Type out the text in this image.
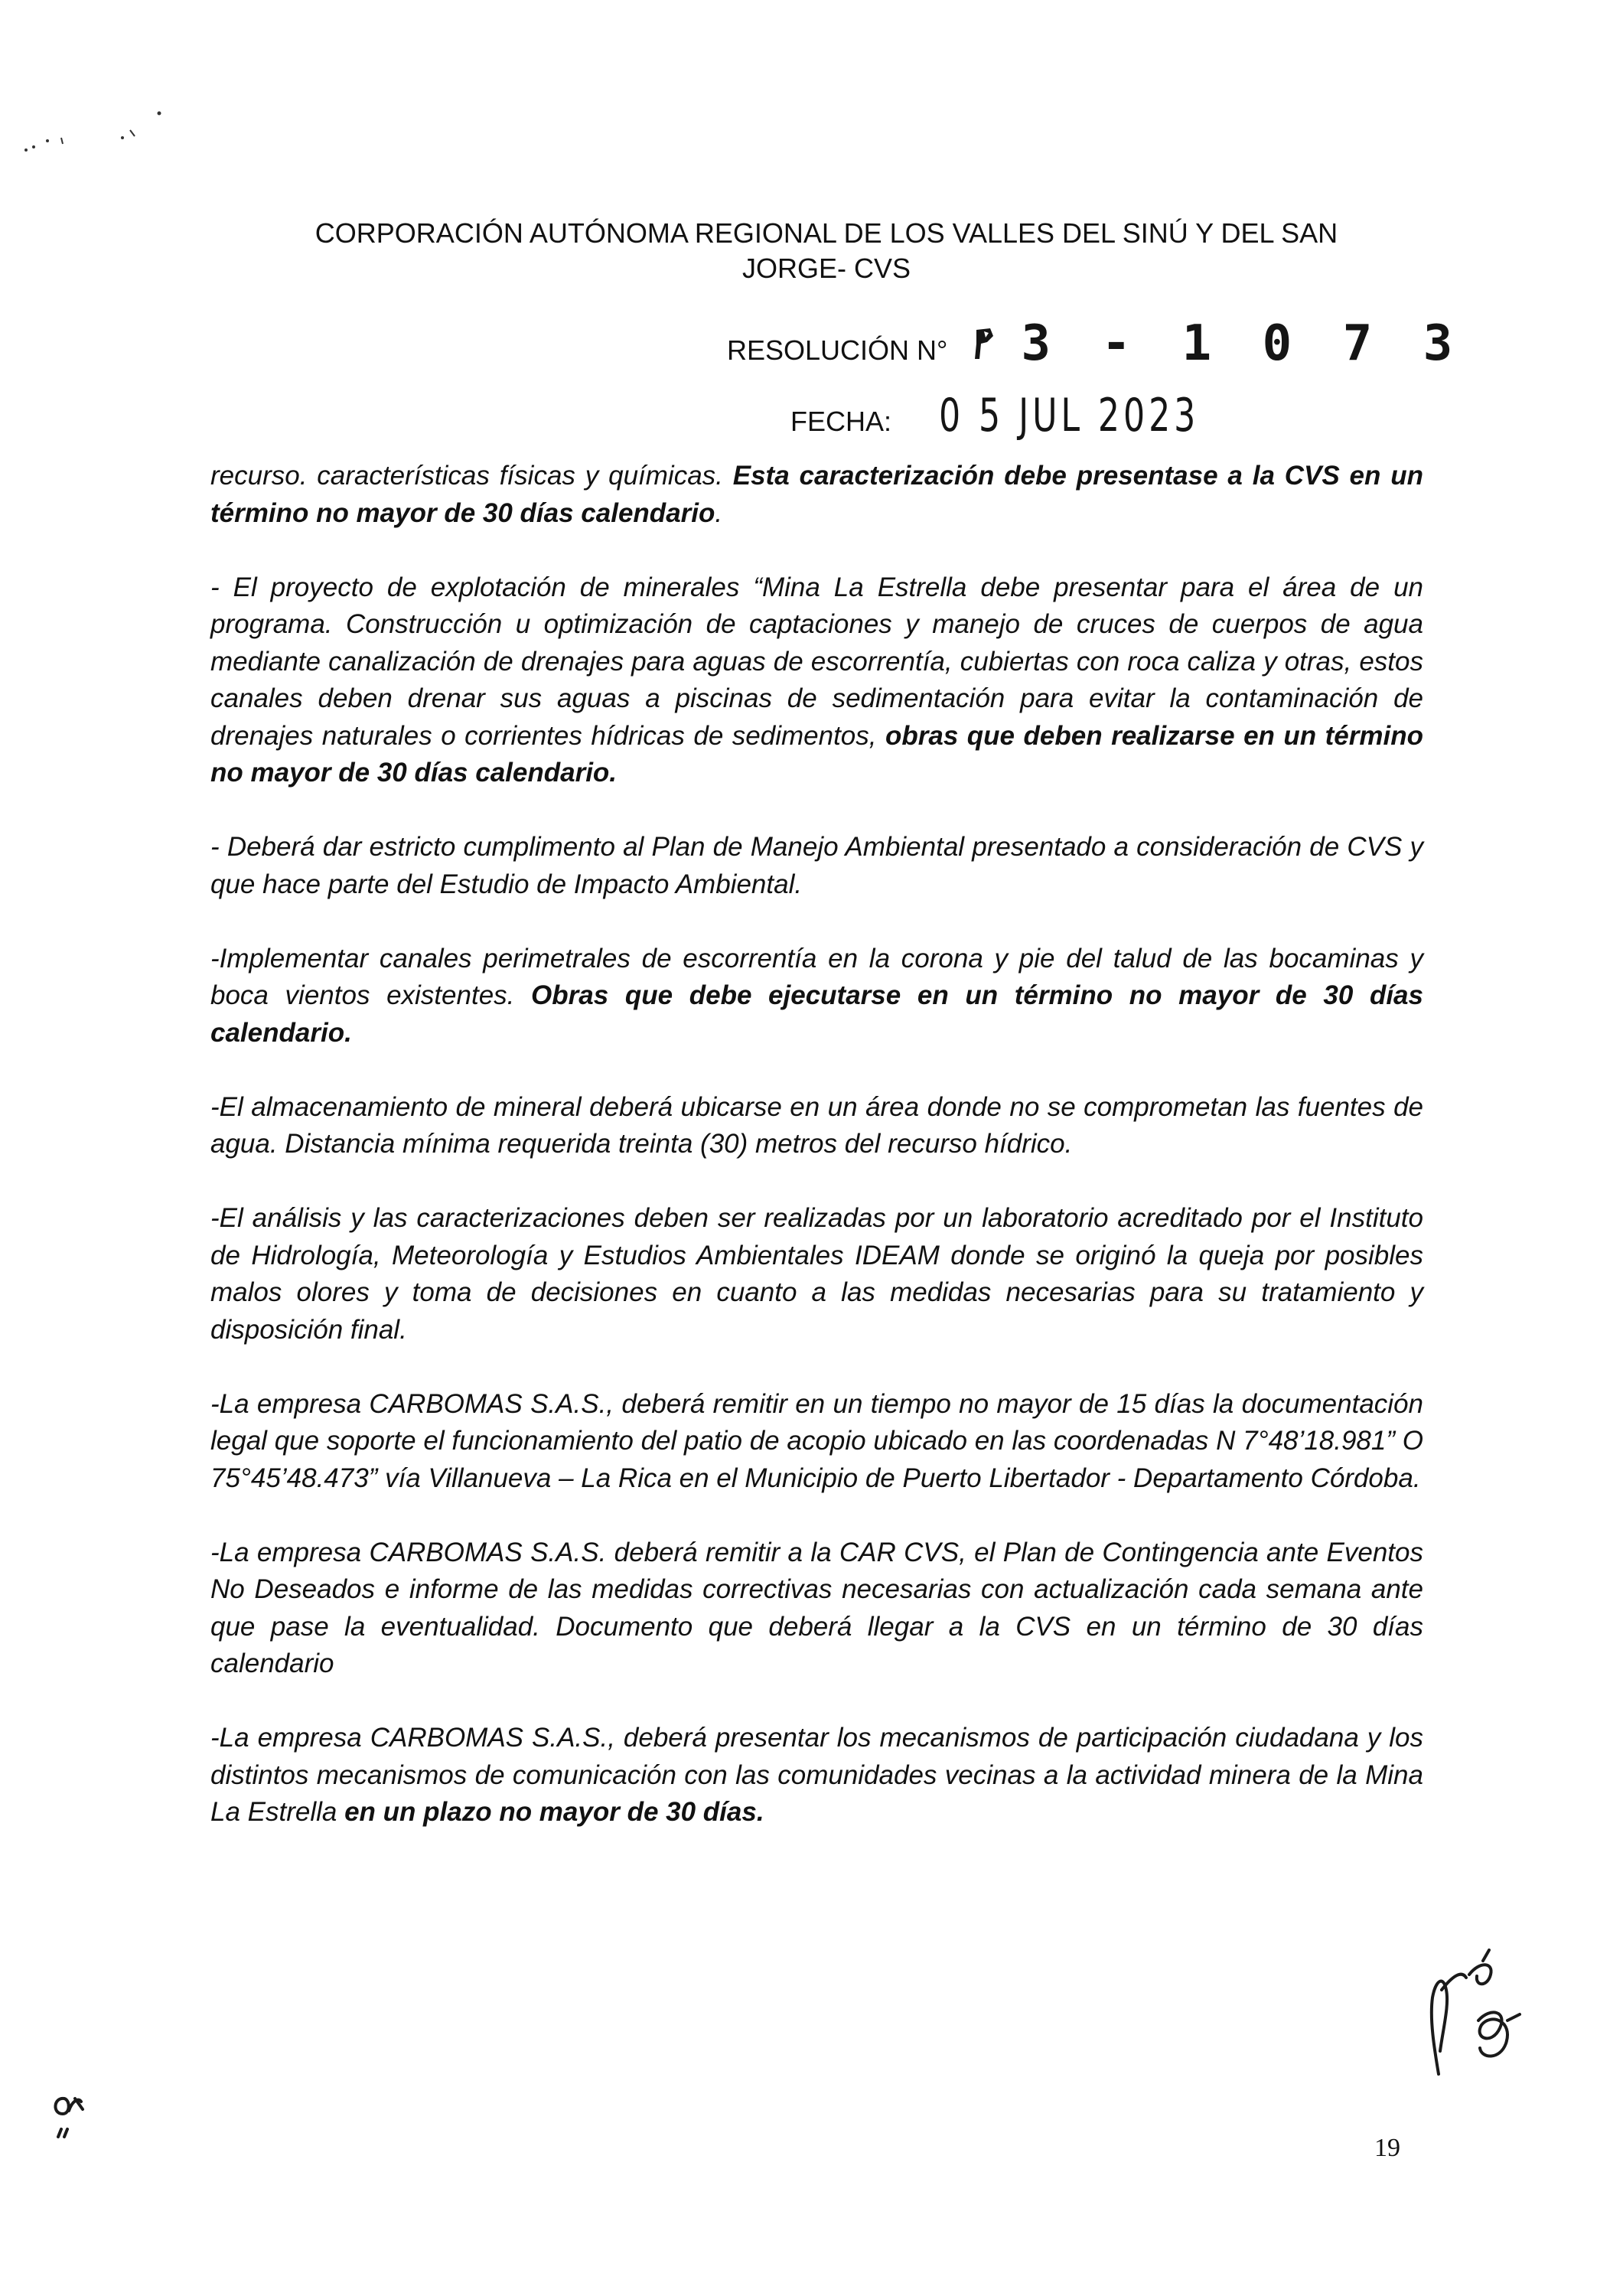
CORPORACIÓN AUTÓNOMA REGIONAL DE LOS VALLES DEL SINÚ Y DEL SAN
JORGE- CVS
RESOLUCIÓN N° 3 - 1 0 7 3
FECHA: 0 5 JUL 2023

recurso. características físicas y químicas. Esta caracterización debe presentase a la CVS en un término no mayor de 30 días calendario.

- El proyecto de explotación de minerales “Mina La Estrella debe presentar para el área de un programa. Construcción u optimización de captaciones y manejo de cruces de cuerpos de agua mediante canalización de drenajes para aguas de escorrentía, cubiertas con roca caliza y otras, estos canales deben drenar sus aguas a piscinas de sedimentación para evitar la contaminación de drenajes naturales o corrientes hídricas de sedimentos, obras que deben realizarse en un término no mayor de 30 días calendario.

- Deberá dar estricto cumplimento al Plan de Manejo Ambiental presentado a consideración de CVS y que hace parte del Estudio de Impacto Ambiental.

-Implementar canales perimetrales de escorrentía en la corona y pie del talud de las bocaminas y boca vientos existentes. Obras que debe ejecutarse en un término no mayor de 30 días calendario.

-El almacenamiento de mineral deberá ubicarse en un área donde no se comprometan las fuentes de agua. Distancia mínima requerida treinta (30) metros del recurso hídrico.

-El análisis y las caracterizaciones deben ser realizadas por un laboratorio acreditado por el Instituto de Hidrología, Meteorología y Estudios Ambientales IDEAM donde se originó la queja por posibles malos olores y toma de decisiones en cuanto a las medidas necesarias para su tratamiento y disposición final.

-La empresa CARBOMAS S.A.S., deberá remitir en un tiempo no mayor de 15 días la documentación legal que soporte el funcionamiento del patio de acopio ubicado en las coordenadas N 7°48’18.981” O 75°45’48.473” vía Villanueva – La Rica en el Municipio de Puerto Libertador - Departamento Córdoba.

-La empresa CARBOMAS S.A.S. deberá remitir a la CAR CVS, el Plan de Contingencia ante Eventos No Deseados e informe de las medidas correctivas necesarias con actualización cada semana ante que pase la eventualidad. Documento que deberá llegar a la CVS en un término de 30 días calendario

-La empresa CARBOMAS S.A.S., deberá presentar los mecanismos de participación ciudadana y los distintos mecanismos de comunicación con las comunidades vecinas a la actividad minera de la Mina La Estrella en un plazo no mayor de 30 días.

19
